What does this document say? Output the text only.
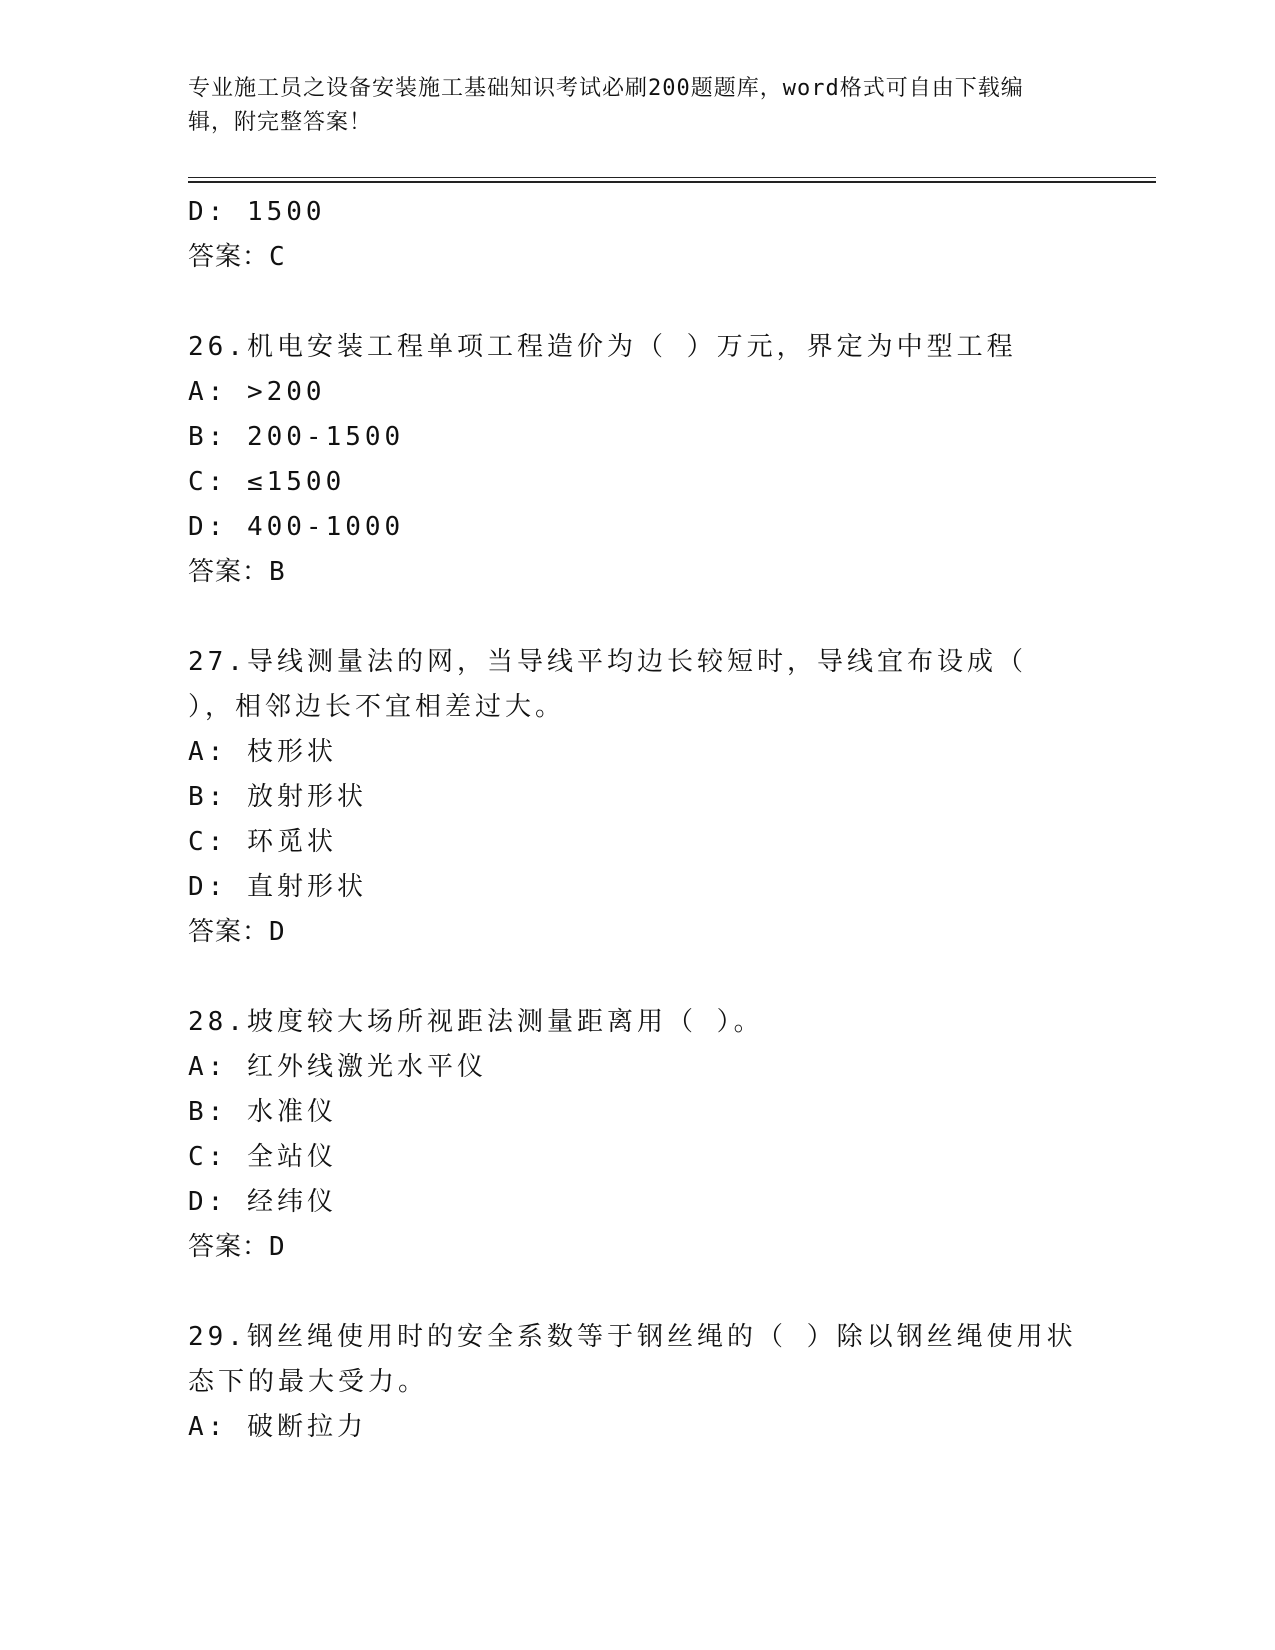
专业施工员之设备安装施工基础知识考试必刷200题题库，word格式可自由下载编辑，附完整答案！
D: 1500
答案：C
26.机电安装工程单项工程造价为（ ）万元，界定为中型工程
A: >200
B: 200-1500
C: ≤1500
D: 400-1000
答案：B
27.导线测量法的网，当导线平均边长较短时，导线宜布设成（ ），相邻边长不宜相差过大。
A: 枝形状
B: 放射形状
C: 环觅状
D: 直射形状
答案：D
28.坡度较大场所视距法测量距离用（ ）。
A: 红外线激光水平仪
B: 水准仪
C: 全站仪
D: 经纬仪
答案：D
29.钢丝绳使用时的安全系数等于钢丝绳的（ ）除以钢丝绳使用状态下的最大受力。
A: 破断拉力
